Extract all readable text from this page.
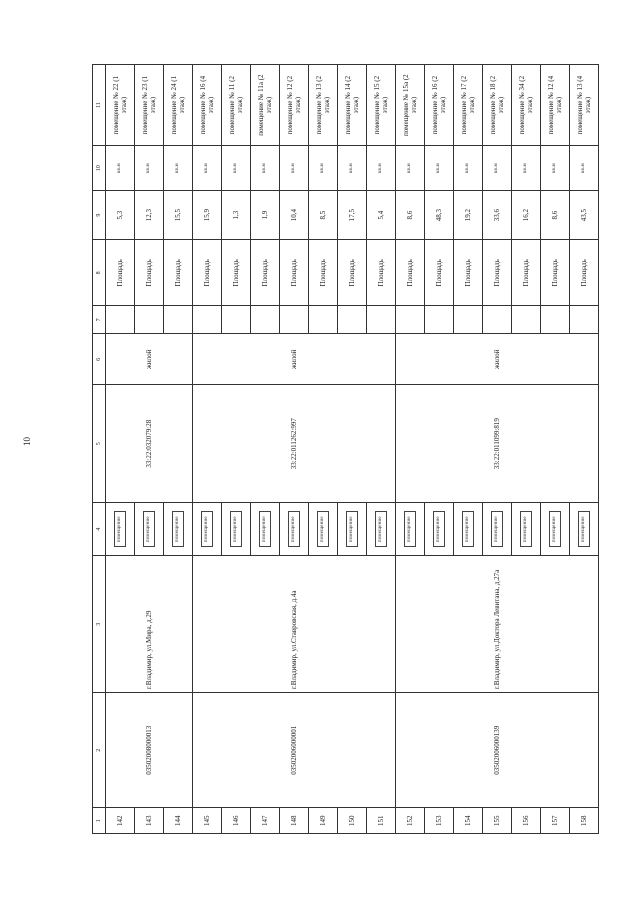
10
1	2	3	4	5	6	7	8	9	10	11
142	03502008000013	г.Владимир, ул.Мира, д.29	помещение	33:22:032079:28	жилой		Площадь	5,3	кв.м	помещение № 22 (1 этаж)
143			помещение				Площадь	12,3	кв.м	помещение № 23 (1 этаж)
144			помещение				Площадь	15,5	кв.м	помещение № 24 (1 этаж)
145	03502006000001	г.Владимир, ул.Ставровская, д.4а	помещение	33:22:011262:997	жилой		Площадь	15,9	кв.м	помещение № 16 (4 этаж)
146			помещение				Площадь	1,3	кв.м	помещение № 11 (2 этаж)
147			помещение				Площадь	1,9	кв.м	помещение № 11а (2 этаж)
148			помещение				Площадь	10,4	кв.м	помещение № 12 (2 этаж)
149			помещение				Площадь	8,5	кв.м	помещение № 13 (2 этаж)
150			помещение				Площадь	17,5	кв.м	помещение № 14 (2 этаж)
151			помещение				Площадь	5,4	кв.м	помещение № 15 (2 этаж)
152	03502006000139	г.Владимир, ул.Доктора Левитана, д.27а	помещение	33:22:011099:819	жилой		Площадь	8,6	кв.м	помещение № 15а (2 этаж)
153			помещение				Площадь	48,3	кв.м	помещение № 16 (2 этаж)
154			помещение				Площадь	19,2	кв.м	помещение № 17 (2 этаж)
155			помещение				Площадь	33,6	кв.м	помещение № 18 (2 этаж)
156			помещение				Площадь	16,2	кв.м	помещение № 34 (2 этаж)
157			помещение				Площадь	8,6	кв.м	помещение № 12 (4 этаж)
158			помещение				Площадь	43,5	кв.м	помещение № 13 (4 этаж)
